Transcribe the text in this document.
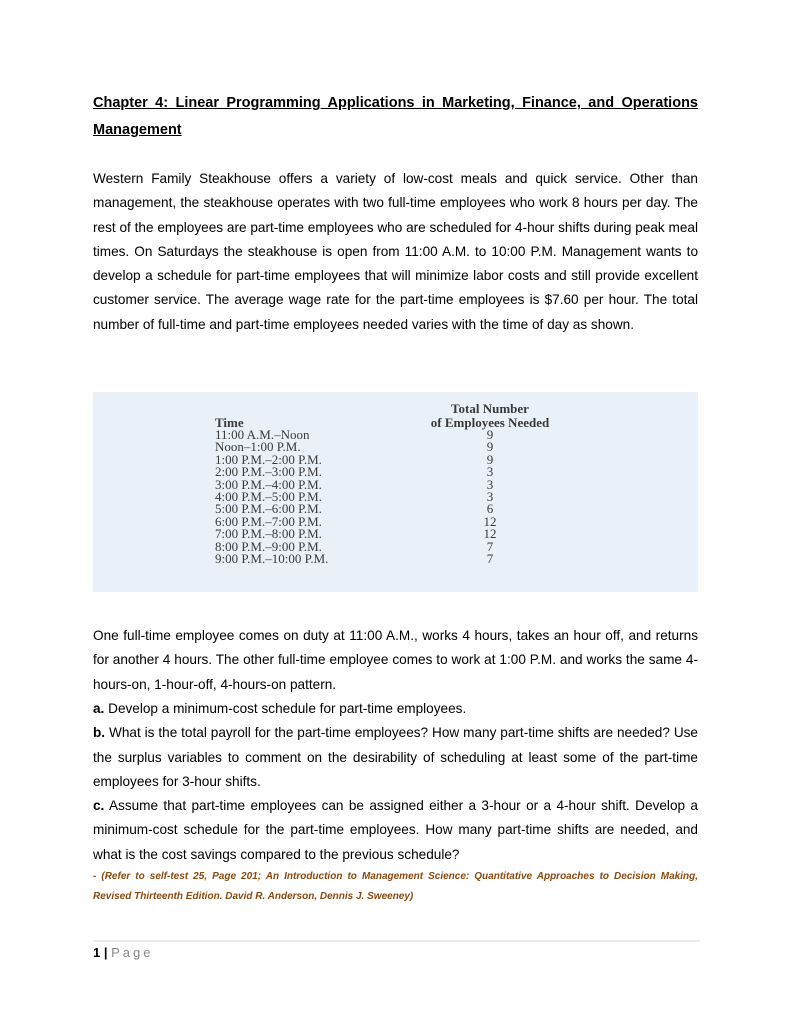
Chapter 4: Linear Programming Applications in Marketing, Finance, and Operations Management

Western Family Steakhouse offers a variety of low-cost meals and quick service. Other than management, the steakhouse operates with two full-time employees who work 8 hours per day. The rest of the employees are part-time employees who are scheduled for 4-hour shifts during peak meal times. On Saturdays the steakhouse is open from 11:00 A.M. to 10:00 P.M. Management wants to develop a schedule for part-time employees that will minimize labor costs and still provide excellent customer service. The average wage rate for the part-time employees is $7.60 per hour. The total number of full-time and part-time employees needed varies with the time of day as shown.

Time	Total Number
of Employees Needed

11:00 A.M.–Noon	9
Noon–1:00 P.M.	9
1:00 P.M.–2:00 P.M.	9
2:00 P.M.–3:00 P.M.	3
3:00 P.M.–4:00 P.M.	3
4:00 P.M.–5:00 P.M.	3
5:00 P.M.–6:00 P.M.	6
6:00 P.M.–7:00 P.M.	12
7:00 P.M.–8:00 P.M.	12
8:00 P.M.–9:00 P.M.	7
9:00 P.M.–10:00 P.M.	7

One full-time employee comes on duty at 11:00 A.M., works 4 hours, takes an hour off, and returns for another 4 hours. The other full-time employee comes to work at 1:00 P.M. and works the same 4-hours-on, 1-hour-off, 4-hours-on pattern.

a. Develop a minimum-cost schedule for part-time employees.

b. What is the total payroll for the part-time employees? How many part-time shifts are needed? Use the surplus variables to comment on the desirability of scheduling at least some of the part-time employees for 3-hour shifts.

c. Assume that part-time employees can be assigned either a 3-hour or a 4-hour shift. Develop a minimum-cost schedule for the part-time employees. How many part-time shifts are needed, and what is the cost savings compared to the previous schedule?

- (Refer to self-test 25, Page 201; An Introduction to Management Science: Quantitative Approaches to Decision Making, Revised Thirteenth Edition. David R. Anderson, Dennis J. Sweeney)

1 | Page
